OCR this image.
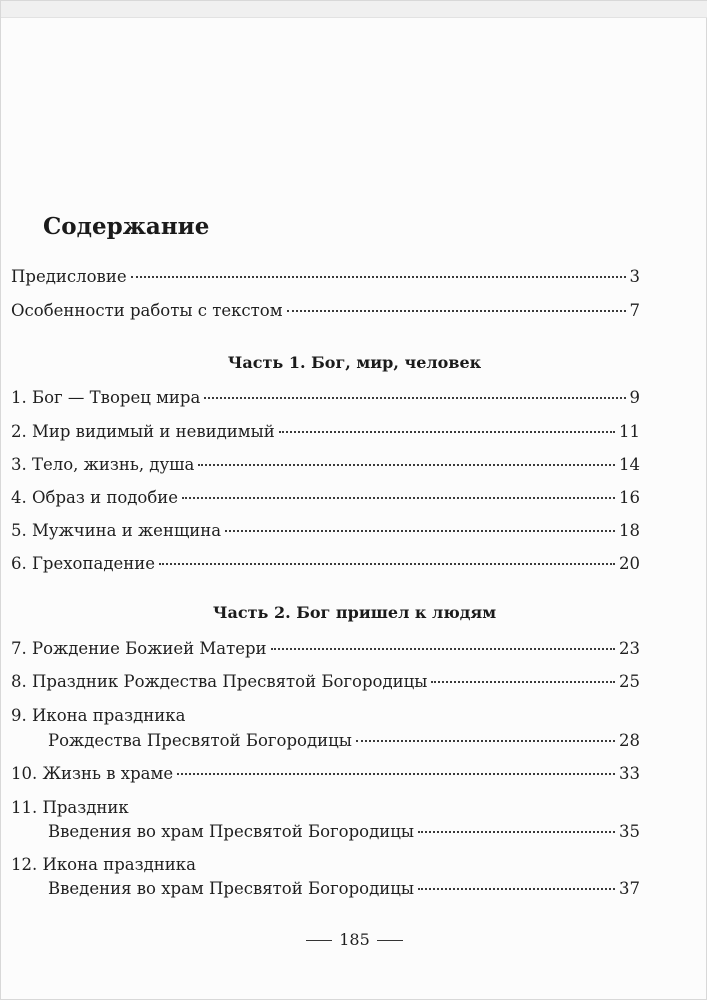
Содержание
Предисловие	3
Особенности работы с текстом	7
Часть 1. Бог, мир, человек
1. Бог — Творец мира	9
2. Мир видимый и невидимый	11
3. Тело, жизнь, душа	14
4. Образ и подобие	16
5. Мужчина и женщина	18
6. Грехопадение	20
Часть 2. Бог пришел к людям
7. Рождение Божией Матери	23
8. Праздник Рождества Пресвятой Богородицы	25
9. Икона праздника
Рождества Пресвятой Богородицы	28
10. Жизнь в храме	33
11. Праздник
Введения во храм Пресвятой Богородицы	35
12. Икона праздника
Введения во храм Пресвятой Богородицы	37
185
